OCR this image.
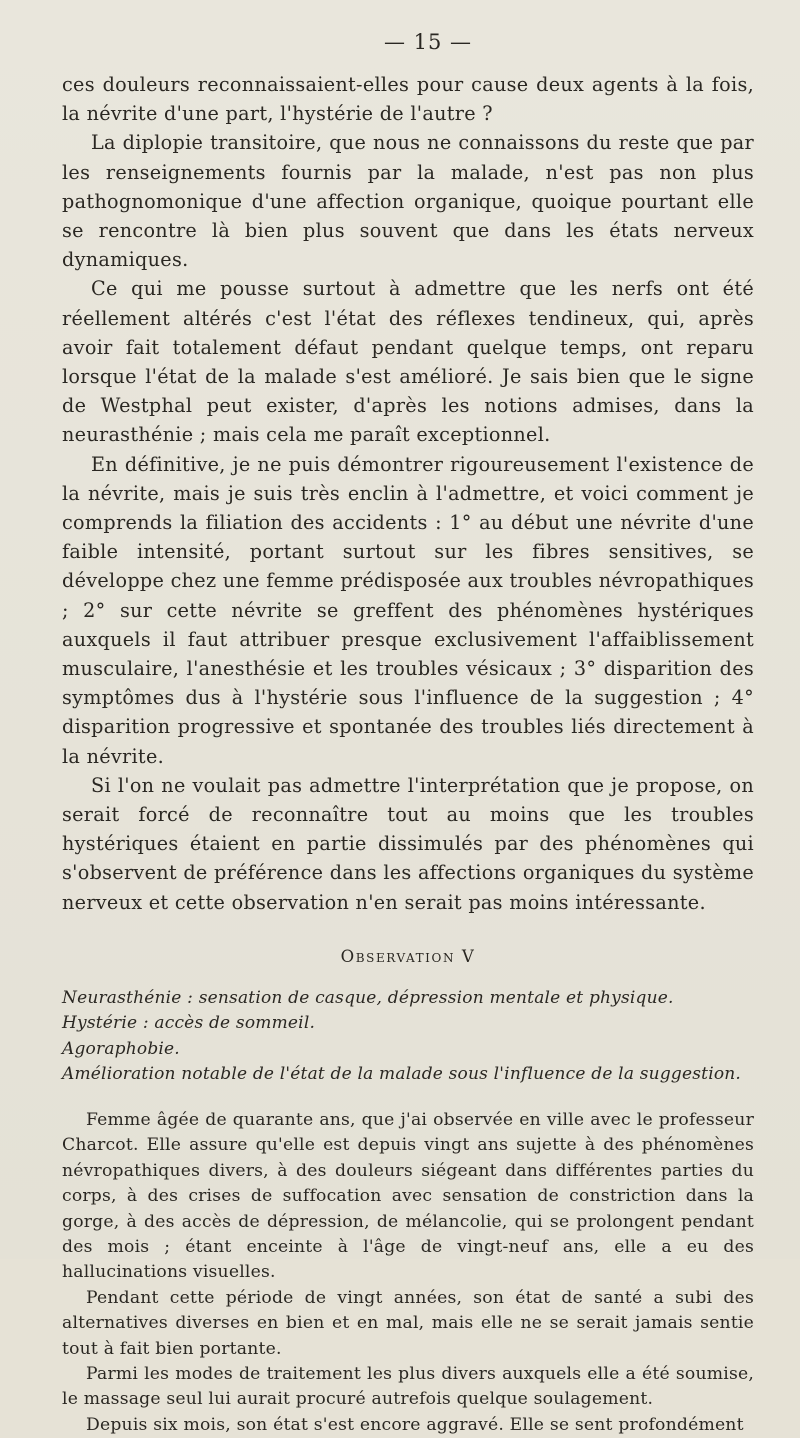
— 15 —

ces douleurs reconnaissaient-elles pour cause deux agents à la fois, la névrite d'une part, l'hystérie de l'autre ?

La diplopie transitoire, que nous ne connaissons du reste que par les renseignements fournis par la malade, n'est pas non plus pathognomonique d'une affection organique, quoique pourtant elle se rencontre là bien plus souvent que dans les états nerveux dynamiques.

Ce qui me pousse surtout à admettre que les nerfs ont été réellement altérés c'est l'état des réflexes tendineux, qui, après avoir fait totalement défaut pendant quelque temps, ont reparu lorsque l'état de la malade s'est amélioré. Je sais bien que le signe de Westphal peut exister, d'après les notions admises, dans la neurasthénie ; mais cela me paraît exceptionnel.

En définitive, je ne puis démontrer rigoureusement l'existence de la névrite, mais je suis très enclin à l'admettre, et voici comment je comprends la filiation des accidents : 1° au début une névrite d'une faible intensité, portant surtout sur les fibres sensitives, se développe chez une femme prédisposée aux troubles névropathiques ; 2° sur cette névrite se greffent des phénomènes hystériques auxquels il faut attribuer presque exclusivement l'affaiblissement musculaire, l'anesthésie et les troubles vésicaux ; 3° disparition des symptômes dus à l'hystérie sous l'influence de la suggestion ; 4° disparition progressive et spontanée des troubles liés directement à la névrite.

Si l'on ne voulait pas admettre l'interprétation que je propose, on serait forcé de reconnaître tout au moins que les troubles hystériques étaient en partie dissimulés par des phénomènes qui s'observent de préférence dans les affections organiques du système nerveux et cette observation n'en serait pas moins intéressante.

Observation V
Neurasthénie : sensation de casque, dépression mentale et physique.
Hystérie : accès de sommeil.
Agoraphobie.
Amélioration notable de l'état de la malade sous l'influence de la suggestion.

Femme âgée de quarante ans, que j'ai observée en ville avec le professeur Charcot. Elle assure qu'elle est depuis vingt ans sujette à des phénomènes névropathiques divers, à des douleurs siégeant dans différentes parties du corps, à des crises de suffocation avec sensation de constriction dans la gorge, à des accès de dépression, de mélancolie, qui se prolongent pendant des mois ; étant enceinte à l'âge de vingt-neuf ans, elle a eu des hallucinations visuelles.

Pendant cette période de vingt années, son état de santé a subi des alternatives diverses en bien et en mal, mais elle ne se serait jamais sentie tout à fait bien portante.

Parmi les modes de traitement les plus divers auxquels elle a été soumise, le massage seul lui aurait procuré autrefois quelque soulagement.

Depuis six mois, son état s'est encore aggravé. Elle se sent profondément
